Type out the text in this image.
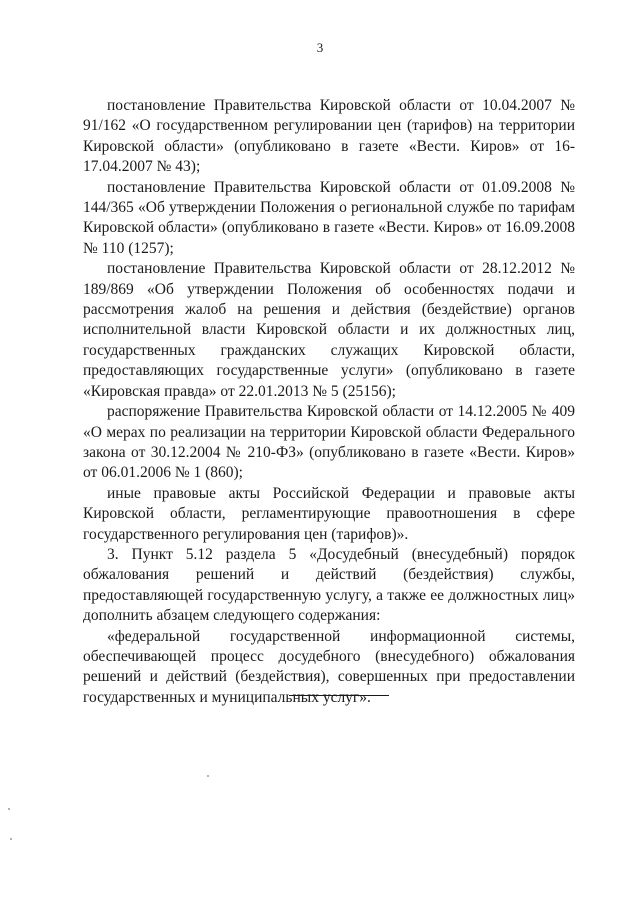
3

постановление Правительства Кировской области от 10.04.2007 № 91/162 «О государственном регулировании цен (тарифов) на территории Кировской области» (опубликовано в газете «Вести. Киров» от 16-17.04.2007 № 43);

постановление Правительства Кировской области от 01.09.2008 № 144/365 «Об утверждении Положения о региональной службе по тарифам Кировской области» (опубликовано в газете «Вести. Киров» от 16.09.2008 № 110 (1257);

постановление Правительства Кировской области от 28.12.2012 № 189/869 «Об утверждении Положения об особенностях подачи и рассмотрения жалоб на решения и действия (бездействие) органов исполнительной власти Кировской области и их должностных лиц, государственных гражданских служащих Кировской области, предоставляющих государственные услуги» (опубликовано в газете «Кировская правда» от 22.01.2013 № 5 (25156);

распоряжение Правительства Кировской области от 14.12.2005 № 409 «О мерах по реализации на территории Кировской области Федерального закона от 30.12.2004 № 210-ФЗ» (опубликовано в газете «Вести. Киров» от 06.01.2006 № 1 (860);

иные правовые акты Российской Федерации и правовые акты Кировской области, регламентирующие правоотношения в сфере государственного регулирования цен (тарифов)».

3. Пункт 5.12 раздела 5 «Досудебный (внесудебный) порядок обжалования решений и действий (бездействия) службы, предоставляющей государственную услугу, а также ее должностных лиц» дополнить абзацем следующего содержания:

«федеральной государственной информационной системы, обеспечивающей процесс досудебного (внесудебного) обжалования решений и действий (бездействия), совершенных при предоставлении государственных и муниципальных услуг».
